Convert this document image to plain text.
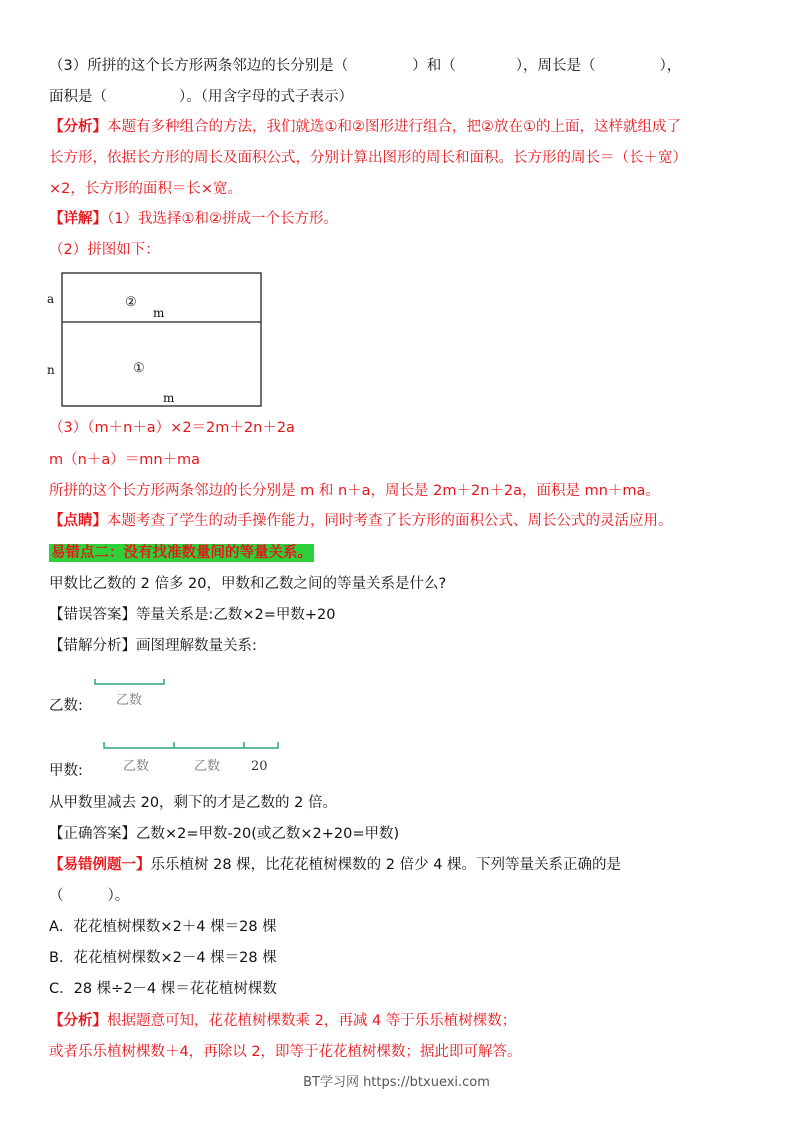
（3）所拼的这个长方形两条邻边的长分别是（	）和（	），周长是（	），
面积是（	）。（用含字母的式子表示）
【分析】本题有多种组合的方法，我们就选①和②图形进行组合，把②放在①的上面，这样就组成了
长方形，依据长方形的周长及面积公式，分别计算出图形的周长和面积。长方形的周长＝（长＋宽）
×2，长方形的面积＝长×宽。
【详解】（1）我选择①和②拼成一个长方形。
（2）拼图如下：
a
n
②
m
①
m
（3）（m＋n＋a）×2＝2m＋2n＋2a
m（n＋a）＝mn＋ma
所拼的这个长方形两条邻边的长分别是 m 和 n＋a，周长是 2m＋2n＋2a，面积是 mn＋ma。
【点睛】本题考查了学生的动手操作能力，同时考查了长方形的面积公式、周长公式的灵活应用。
易错点二：没有找准数量间的等量关系。
甲数比乙数的 2 倍多 20，甲数和乙数之间的等量关系是什么?
【错误答案】等量关系是:乙数×2=甲数+20
【错解分析】画图理解数量关系:
乙数:
甲数:
乙数
乙数	乙数 20
从甲数里减去 20，剩下的才是乙数的 2 倍。
【正确答案】乙数×2=甲数-20(或乙数×2+20=甲数)
【易错例题一】乐乐植树 28 棵，比花花植树棵数的 2 倍少 4 棵。下列等量关系正确的是
（	）。
A．花花植树棵数×2＋4 棵＝28 棵
B．花花植树棵数×2－4 棵＝28 棵
C．28 棵÷2－4 棵＝花花植树棵数
【分析】根据题意可知，花花植树棵数乘 2，再减 4 等于乐乐植树棵数；
或者乐乐植树棵数＋4，再除以 2，即等于花花植树棵数；据此即可解答。
BT学习网 https://btxuexi.com
